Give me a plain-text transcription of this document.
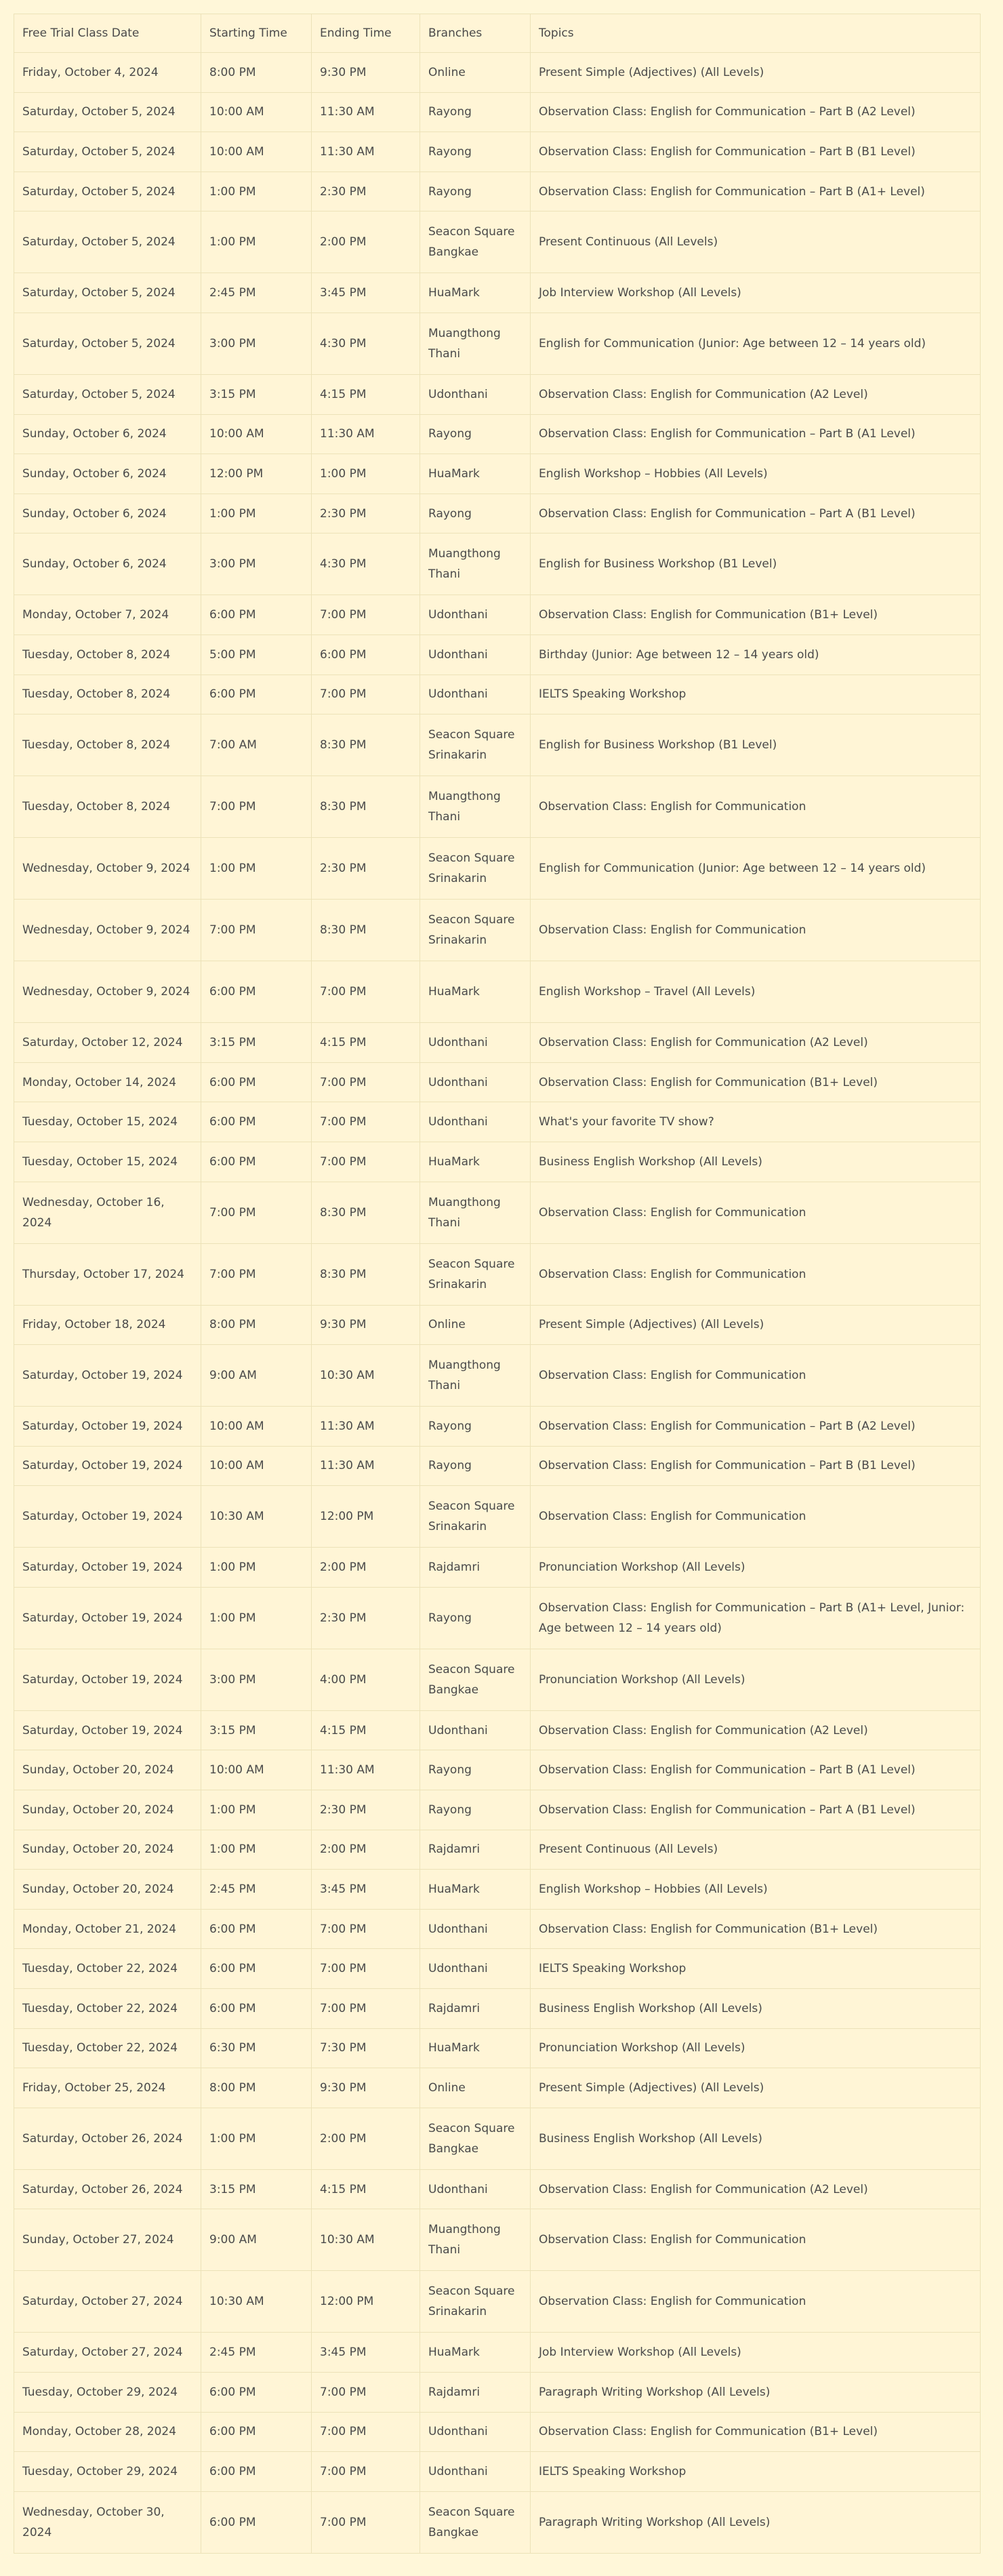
Free Trial Class Date	Starting Time	Ending Time	Branches	Topics
Friday, October 4, 2024	8:00 PM	9:30 PM	Online	Present Simple (Adjectives) (All Levels)
Saturday, October 5, 2024	10:00 AM	11:30 AM	Rayong	Observation Class: English for Communication – Part B (A2 Level)
Saturday, October 5, 2024	10:00 AM	11:30 AM	Rayong	Observation Class: English for Communication – Part B (B1 Level)
Saturday, October 5, 2024	1:00 PM	2:30 PM	Rayong	Observation Class: English for Communication – Part B (A1+ Level)
Saturday, October 5, 2024	1:00 PM	2:00 PM	Seacon Square Bangkae	Present Continuous (All Levels)
Saturday, October 5, 2024	2:45 PM	3:45 PM	HuaMark	Job Interview Workshop (All Levels)
Saturday, October 5, 2024	3:00 PM	4:30 PM	Muangthong Thani	English for Communication (Junior: Age between 12 – 14 years old)
Saturday, October 5, 2024	3:15 PM	4:15 PM	Udonthani	Observation Class: English for Communication (A2 Level)
Sunday, October 6, 2024	10:00 AM	11:30 AM	Rayong	Observation Class: English for Communication – Part B (A1 Level)
Sunday, October 6, 2024	12:00 PM	1:00 PM	HuaMark	English Workshop – Hobbies (All Levels)
Sunday, October 6, 2024	1:00 PM	2:30 PM	Rayong	Observation Class: English for Communication – Part A (B1 Level)
Sunday, October 6, 2024	3:00 PM	4:30 PM	Muangthong Thani	English for Business Workshop (B1 Level)
Monday, October 7, 2024	6:00 PM	7:00 PM	Udonthani	Observation Class: English for Communication (B1+ Level)
Tuesday, October 8, 2024	5:00 PM	6:00 PM	Udonthani	Birthday (Junior: Age between 12 – 14 years old)
Tuesday, October 8, 2024	6:00 PM	7:00 PM	Udonthani	IELTS Speaking Workshop
Tuesday, October 8, 2024	7:00 AM	8:30 PM	Seacon Square Srinakarin	English for Business Workshop (B1 Level)
Tuesday, October 8, 2024	7:00 PM	8:30 PM	Muangthong Thani	Observation Class: English for Communication
Wednesday, October 9, 2024	1:00 PM	2:30 PM	Seacon Square Srinakarin	English for Communication (Junior: Age between 12 – 14 years old)
Wednesday, October 9, 2024	7:00 PM	8:30 PM	Seacon Square Srinakarin	Observation Class: English for Communication
Wednesday, October 9, 2024	6:00 PM	7:00 PM	HuaMark	English Workshop – Travel (All Levels)
Saturday, October 12, 2024	3:15 PM	4:15 PM	Udonthani	Observation Class: English for Communication (A2 Level)
Monday, October 14, 2024	6:00 PM	7:00 PM	Udonthani	Observation Class: English for Communication (B1+ Level)
Tuesday, October 15, 2024	6:00 PM	7:00 PM	Udonthani	What's your favorite TV show?
Tuesday, October 15, 2024	6:00 PM	7:00 PM	HuaMark	Business English Workshop (All Levels)
Wednesday, October 16, 2024	7:00 PM	8:30 PM	Muangthong Thani	Observation Class: English for Communication
Thursday, October 17, 2024	7:00 PM	8:30 PM	Seacon Square Srinakarin	Observation Class: English for Communication
Friday, October 18, 2024	8:00 PM	9:30 PM	Online	Present Simple (Adjectives) (All Levels)
Saturday, October 19, 2024	9:00 AM	10:30 AM	Muangthong Thani	Observation Class: English for Communication
Saturday, October 19, 2024	10:00 AM	11:30 AM	Rayong	Observation Class: English for Communication – Part B (A2 Level)
Saturday, October 19, 2024	10:00 AM	11:30 AM	Rayong	Observation Class: English for Communication – Part B (B1 Level)
Saturday, October 19, 2024	10:30 AM	12:00 PM	Seacon Square Srinakarin	Observation Class: English for Communication
Saturday, October 19, 2024	1:00 PM	2:00 PM	Rajdamri	Pronunciation Workshop (All Levels)
Saturday, October 19, 2024	1:00 PM	2:30 PM	Rayong	Observation Class: English for Communication – Part B (A1+ Level, Junior: Age between 12 – 14 years old)
Saturday, October 19, 2024	3:00 PM	4:00 PM	Seacon Square Bangkae	Pronunciation Workshop (All Levels)
Saturday, October 19, 2024	3:15 PM	4:15 PM	Udonthani	Observation Class: English for Communication (A2 Level)
Sunday, October 20, 2024	10:00 AM	11:30 AM	Rayong	Observation Class: English for Communication – Part B (A1 Level)
Sunday, October 20, 2024	1:00 PM	2:30 PM	Rayong	Observation Class: English for Communication – Part A (B1 Level)
Sunday, October 20, 2024	1:00 PM	2:00 PM	Rajdamri	Present Continuous (All Levels)
Sunday, October 20, 2024	2:45 PM	3:45 PM	HuaMark	English Workshop – Hobbies (All Levels)
Monday, October 21, 2024	6:00 PM	7:00 PM	Udonthani	Observation Class: English for Communication (B1+ Level)
Tuesday, October 22, 2024	6:00 PM	7:00 PM	Udonthani	IELTS Speaking Workshop
Tuesday, October 22, 2024	6:00 PM	7:00 PM	Rajdamri	Business English Workshop (All Levels)
Tuesday, October 22, 2024	6:30 PM	7:30 PM	HuaMark	Pronunciation Workshop (All Levels)
Friday, October 25, 2024	8:00 PM	9:30 PM	Online	Present Simple (Adjectives) (All Levels)
Saturday, October 26, 2024	1:00 PM	2:00 PM	Seacon Square Bangkae	Business English Workshop (All Levels)
Saturday, October 26, 2024	3:15 PM	4:15 PM	Udonthani	Observation Class: English for Communication (A2 Level)
Sunday, October 27, 2024	9:00 AM	10:30 AM	Muangthong Thani	Observation Class: English for Communication
Saturday, October 27, 2024	10:30 AM	12:00 PM	Seacon Square Srinakarin	Observation Class: English for Communication
Saturday, October 27, 2024	2:45 PM	3:45 PM	HuaMark	Job Interview Workshop (All Levels)
Tuesday, October 29, 2024	6:00 PM	7:00 PM	Rajdamri	Paragraph Writing Workshop (All Levels)
Monday, October 28, 2024	6:00 PM	7:00 PM	Udonthani	Observation Class: English for Communication (B1+ Level)
Tuesday, October 29, 2024	6:00 PM	7:00 PM	Udonthani	IELTS Speaking Workshop
Wednesday, October 30, 2024	6:00 PM	7:00 PM	Seacon Square Bangkae	Paragraph Writing Workshop (All Levels)
